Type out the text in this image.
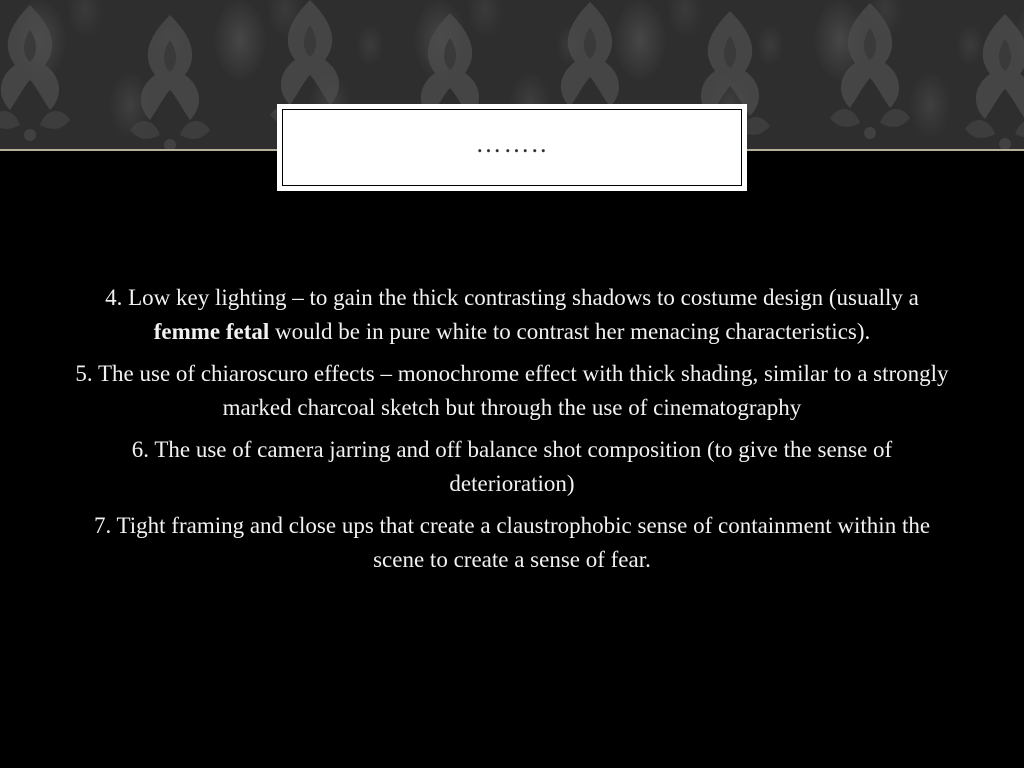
……..

4. Low key lighting – to gain the thick contrasting shadows to costume design (usually a femme fetal would be in pure white to contrast her menacing characteristics).

5. The use of chiaroscuro effects – monochrome effect with thick shading, similar to a strongly marked charcoal sketch but through the use of cinematography

6. The use of camera jarring and off balance shot composition (to give the sense of deterioration)

7. Tight framing and close ups that create a claustrophobic sense of containment within the scene to create a sense of fear.
